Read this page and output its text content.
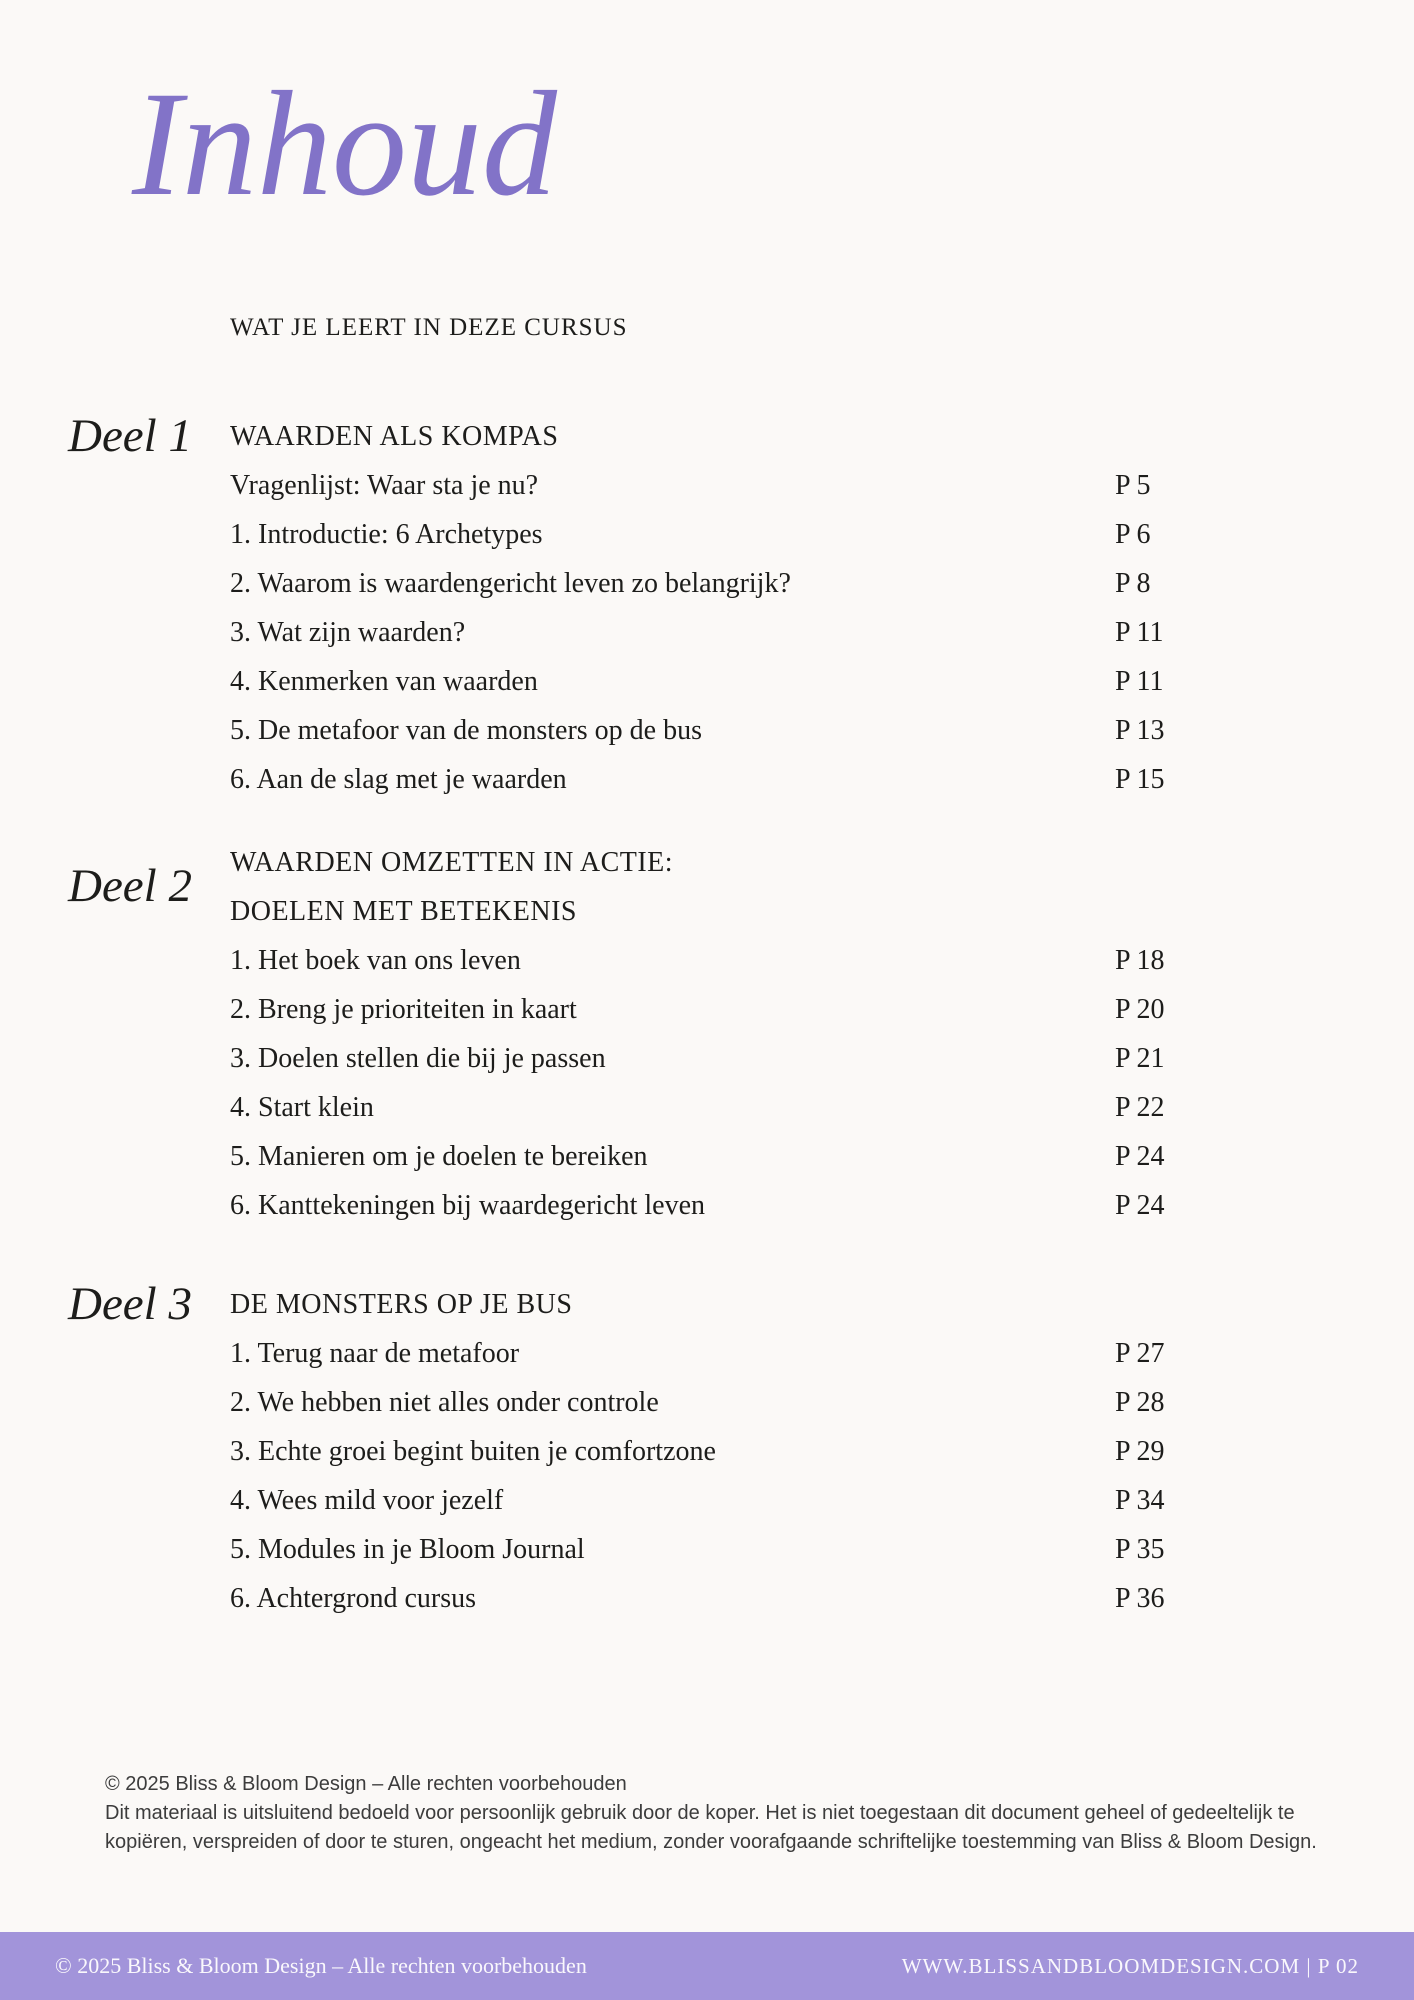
Inhoud
WAT JE LEERT IN DEZE CURSUS
Deel 1 WAARDEN ALS KOMPAS
Vragenlijst: Waar sta je nu?	P 5
1. Introductie: 6 Archetypes	P 6
2. Waarom is waardengericht leven zo belangrijk?	P 8
3. Wat zijn waarden?	P 11
4. Kenmerken van waarden	P 11
5. De metafoor van de monsters op de bus	P 13
6. Aan de slag met je waarden	P 15
Deel 2 WAARDEN OMZETTEN IN ACTIE:
DOELEN MET BETEKENIS
1. Het boek van ons leven	P 18
2. Breng je prioriteiten in kaart	P 20
3. Doelen stellen die bij je passen	P 21
4. Start klein	P 22
5. Manieren om je doelen te bereiken	P 24
6. Kanttekeningen bij waardegericht leven	P 24
Deel 3 DE MONSTERS OP JE BUS
1. Terug naar de metafoor	P 27
2. We hebben niet alles onder controle	P 28
3. Echte groei begint buiten je comfortzone	P 29
4. Wees mild voor jezelf	P 34
5. Modules in je Bloom Journal	P 35
6. Achtergrond cursus	P 36
© 2025 Bliss & Bloom Design – Alle rechten voorbehouden
Dit materiaal is uitsluitend bedoeld voor persoonlijk gebruik door de koper. Het is niet toegestaan dit document geheel of gedeeltelijk te kopiëren, verspreiden of door te sturen, ongeacht het medium, zonder voorafgaande schriftelijke toestemming van Bliss & Bloom Design.
© 2025 Bliss & Bloom Design – Alle rechten voorbehouden	WWW.BLISSANDBLOOMDESIGN.COM | P 02
